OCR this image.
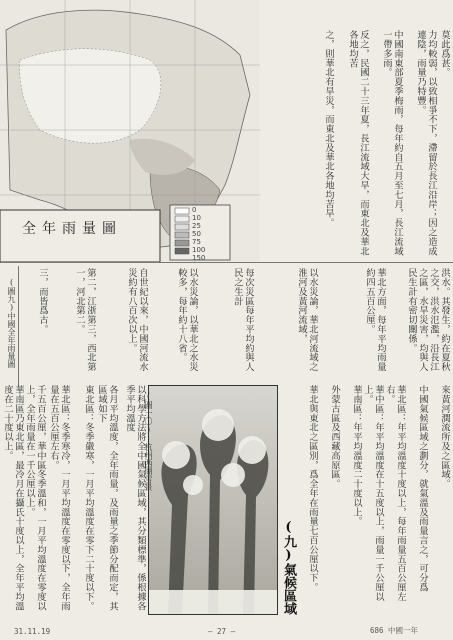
全年雨量圖
0
10
25
50
75
100
150
莫此爲甚。
力均較弱，以致相爭不下，滯留於長江沿岸；因之造成連陰，雨量乃特豐。
中國南東部夏季梅雨，每年約自五月至七月，長江流域一帶多雨。
反之，民國二十三年夏，長江流域大旱，而東北及華北各地均苦
之，則華北有旱災，而東北及華北各地均苦旱。
洪水。其發生，約在夏秋之交，洪水氾濫，沿長江之區，水旱災害，均與人民生計有密切關係。
華北方面，每年平均雨量約四五百公厘。
以水災論，華北河流域之淮河及黃河流域，
每次災區每年平均約與人民之生計
以水災論，以華北之水災較多，每年約十八省。
自世紀以來，中國河流水災約有八百次以上。
第二，江浙第三，西北第一，河北第二。
三，而皆爲古。
(圖九)中國全年雨量圖
(圖一〇) 杭州西湖雪景
以科學方法將全中國氣候區域，其分類標準，係根據各季平均溫度
各月平均溫度，全年雨量，及雨量之季節分配而定，其區域如下
東北區：冬季嚴寒，一月平均溫度在零下二十度以下。
華北區：冬季寒冷，一月平均溫度在零度以下，全年雨量在五百公厘左右。
千五百公厘，華中區冬季溫和，一月平均溫度在零度以上，全年雨量在一千公厘以上。
華南區乃東北區，最冷月在攝氏十度以上，全年平均溫度在二十度以上。	來黃河潤流所及之區域。
中國氣候區域之劃分，就氣溫及雨量言之，可分爲
華北區：年平均溫度十度以上，每年雨量五百公厘左右。
華中區：年平均溫度在十五度以上，雨量一千公厘以上。
華南區：年平均溫度二十度以上。
外蒙古區及西藏高原區。
華北與東北之區別，爲全年在雨量七百公厘以下。
(九)氣候區域
31.11.19	— 27 —	686 中國一年
